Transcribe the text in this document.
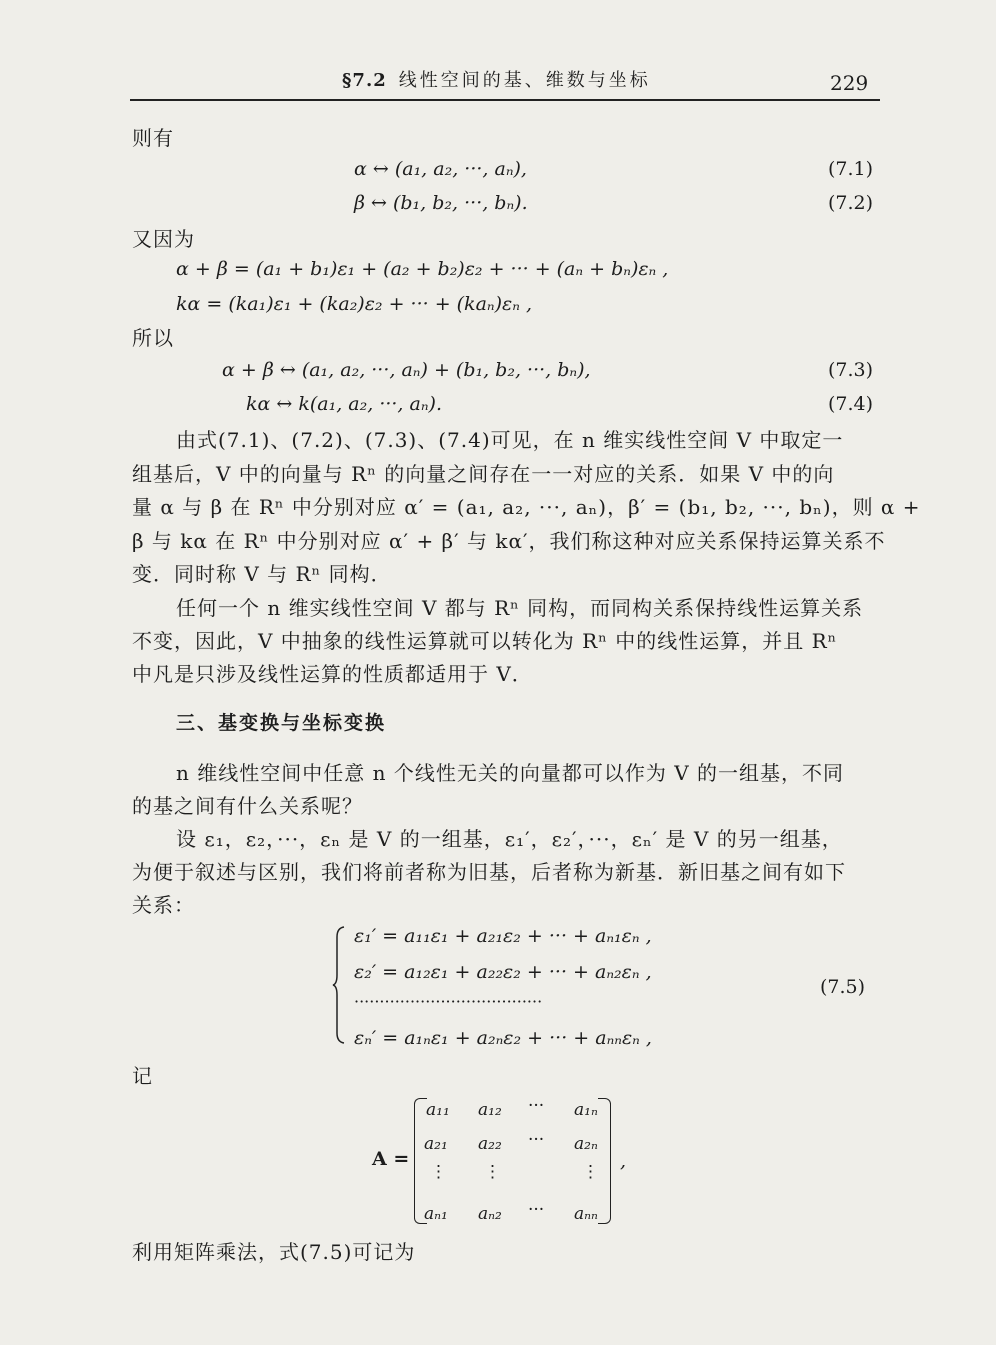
§7.2 线性空间的基、维数与坐标	229
则有
α ↔ (a₁, a₂, ···, aₙ),	(7.1)
β ↔ (b₁, b₂, ···, bₙ).	(7.2)
又因为
α + β = (a₁ + b₁)ε₁ + (a₂ + b₂)ε₂ + ··· + (aₙ + bₙ)εₙ ,
kα = (ka₁)ε₁ + (ka₂)ε₂ + ··· + (kaₙ)εₙ ,
所以
α + β ↔ (a₁, a₂, ···, aₙ) + (b₁, b₂, ···, bₙ),	(7.3)
kα ↔ k(a₁, a₂, ···, aₙ).	(7.4)
由式(7.1)、(7.2)、(7.3)、(7.4)可见，在 n 维实线性空间 V 中取定一
组基后，V 中的向量与 Rⁿ 的向量之间存在一一对应的关系．如果 V 中的向
量 α 与 β 在 Rⁿ 中分别对应 α′ = (a₁, a₂, ···, aₙ)，β′ = (b₁, b₂, ···, bₙ)，则 α +
β 与 kα 在 Rⁿ 中分别对应 α′ + β′ 与 kα′，我们称这种对应关系保持运算关系不
变．同时称 V 与 Rⁿ 同构．
任何一个 n 维实线性空间 V 都与 Rⁿ 同构，而同构关系保持线性运算关系
不变，因此，V 中抽象的线性运算就可以转化为 Rⁿ 中的线性运算，并且 Rⁿ
中凡是只涉及线性运算的性质都适用于 V．
三、基变换与坐标变换
n 维线性空间中任意 n 个线性无关的向量都可以作为 V 的一组基，不同
的基之间有什么关系呢？
设 ε₁，ε₂，···，εₙ 是 V 的一组基，ε₁′，ε₂′，···，εₙ′ 是 V 的另一组基，
为便于叙述与区别，我们将前者称为旧基，后者称为新基．新旧基之间有如下
关系：
ε₁′ = a₁₁ε₁ + a₂₁ε₂ + ··· + aₙ₁εₙ ,
ε₂′ = a₁₂ε₁ + a₂₂ε₂ + ··· + aₙ₂εₙ ,
·····································
εₙ′ = a₁ₙε₁ + a₂ₙε₂ + ··· + aₙₙεₙ ,
(7.5)
记
A =
a₁₁ a₁₂ ··· a₁ₙ
a₂₁ a₂₂ ··· a₂ₙ
⋮ ⋮	⋮
aₙ₁ aₙ₂ ··· aₙₙ
,
利用矩阵乘法，式(7.5)可记为
